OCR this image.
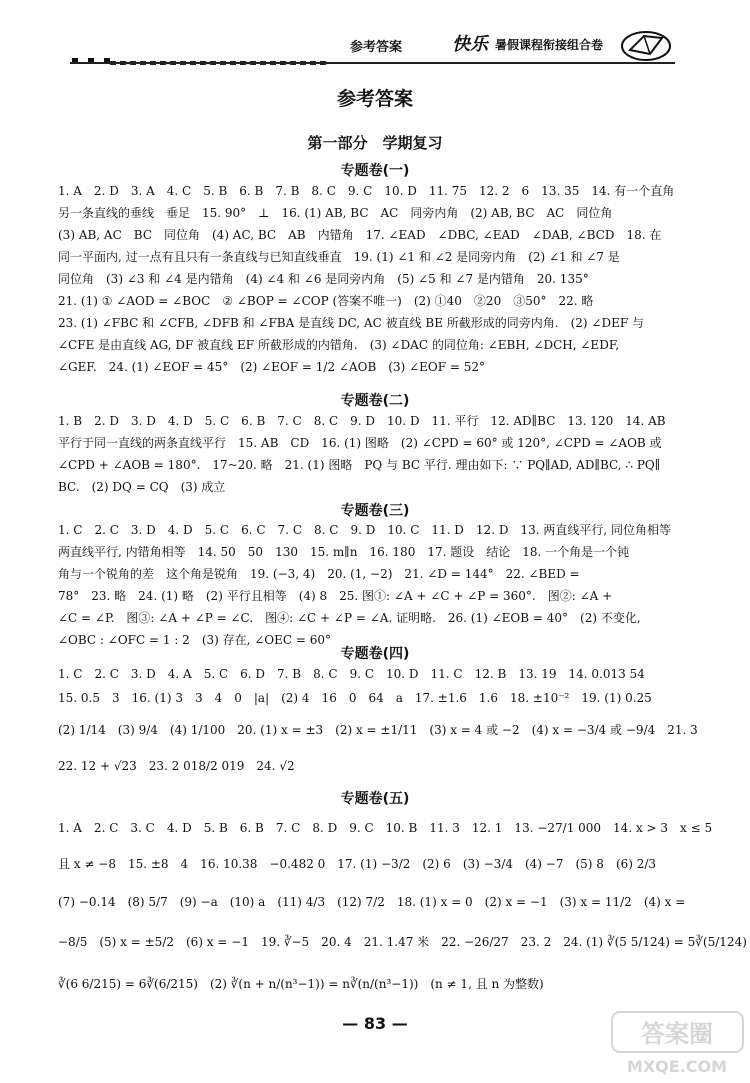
参考答案	快乐 暑假课程衔接组合卷
参考答案
第一部分　学期复习
专题卷(一)
1. A　2. D　3. A　4. C　5. B　6. B　7. B　8. C　9. C　10. D　11. 75　12. 2　6　13. 35　14. 有一个直角
另一条直线的垂线　垂足　15. 90°　⊥　16. (1) AB, BC　AC　同旁内角　(2) AB, BC　AC　同位角
(3) AB, AC　BC　同位角　(4) AC, BC　AB　内错角　17. ∠EAD　∠DBC, ∠EAD　∠DAB, ∠BCD　18. 在
同一平面内, 过一点有且只有一条直线与已知直线垂直　19. (1) ∠1 和 ∠2 是同旁内角　(2) ∠1 和 ∠7 是
同位角　(3) ∠3 和 ∠4 是内错角　(4) ∠4 和 ∠6 是同旁内角　(5) ∠5 和 ∠7 是内错角　20. 135°
21. (1) ① ∠AOD = ∠BOC　② ∠BOP = ∠COP (答案不唯一)　(2) ①40　②20　③50°　22. 略
23. (1) ∠FBC 和 ∠CFB, ∠DFB 和 ∠FBA 是直线 DC, AC 被直线 BE 所截形成的同旁内角.　(2) ∠DEF 与
∠CFE 是由直线 AG, DF 被直线 EF 所截形成的内错角.　(3) ∠DAC 的同位角: ∠EBH, ∠DCH, ∠EDF,
∠GEF.　24. (1) ∠EOF = 45°　(2) ∠EOF = 1/2 ∠AOB　(3) ∠EOF = 52°
专题卷(二)
1. B　2. D　3. D　4. D　5. C　6. B　7. C　8. C　9. D　10. D　11. 平行　12. AD∥BC　13. 120　14. AB
平行于同一直线的两条直线平行　15. AB　CD　16. (1) 图略　(2) ∠CPD = 60° 或 120°, ∠CPD = ∠AOB 或
∠CPD + ∠AOB = 180°.　17~20. 略　21. (1) 图略　PQ 与 BC 平行. 理由如下: ∵ PQ∥AD, AD∥BC, ∴ PQ∥
BC.　(2) DQ = CQ　(3) 成立
专题卷(三)
1. C　2. C　3. D　4. D　5. C　6. C　7. C　8. C　9. D　10. C　11. D　12. D　13. 两直线平行, 同位角相等
两直线平行, 内错角相等　14. 50　50　130　15. m∥n　16. 180　17. 题设　结论　18. 一个角是一个钝
角与一个锐角的差　这个角是锐角　19. (−3, 4)　20. (1, −2)　21. ∠D = 144°　22. ∠BED =
78°　23. 略　24. (1) 略　(2) 平行且相等　(4) 8　25. 图①: ∠A + ∠C + ∠P = 360°.　图②: ∠A +
∠C = ∠P.　图③: ∠A + ∠P = ∠C.　图④: ∠C + ∠P = ∠A. 证明略.　26. (1) ∠EOB = 40°　(2) 不变化,
∠OBC : ∠OFC = 1 : 2　(3) 存在, ∠OEC = 60°
专题卷(四)
1. C　2. C　3. D　4. A　5. C　6. D　7. B　8. C　9. C　10. D　11. C　12. B　13. 19　14. 0.013 54
15. 0.5　3　16. (1) 3　3　4　0　|a|　(2) 4　16　0　64　a　17. ±1.6　1.6　18. ±10⁻²　19. (1) 0.25
(2) 1/14　(3) 9/4　(4) 1/100　20. (1) x = ±3　(2) x = ±1/11　(3) x = 4 或 −2　(4) x = −3/4 或 −9/4　21. 3
22. 12 + √23　23. 2 018/2 019　24. √2
专题卷(五)
1. A　2. C　3. C　4. D　5. B　6. B　7. C　8. D　9. C　10. B　11. 3　12. 1　13. −27/1 000　14. x > 3　x ≤ 5
且 x ≠ −8　15. ±8　4　16. 10.38　−0.482 0　17. (1) −3/2　(2) 6　(3) −3/4　(4) −7　(5) 8　(6) 2/3
(7) −0.14　(8) 5/7　(9) −a　(10) a　(11) 4/3　(12) 7/2　18. (1) x = 0　(2) x = −1　(3) x = 11/2　(4) x =
−8/5　(5) x = ±5/2　(6) x = −1　19. ∛−5　20. 4　21. 1.47 米　22. −26/27　23. 2　24. (1) ∛(5 5/124) = 5∛(5/124)
∛(6 6/215) = 6∛(6/215)　(2) ∛(n + n/(n³−1)) = n∛(n/(n³−1))　(n ≠ 1, 且 n 为整数)
— 83 —	答案圈
MXQE.COM
